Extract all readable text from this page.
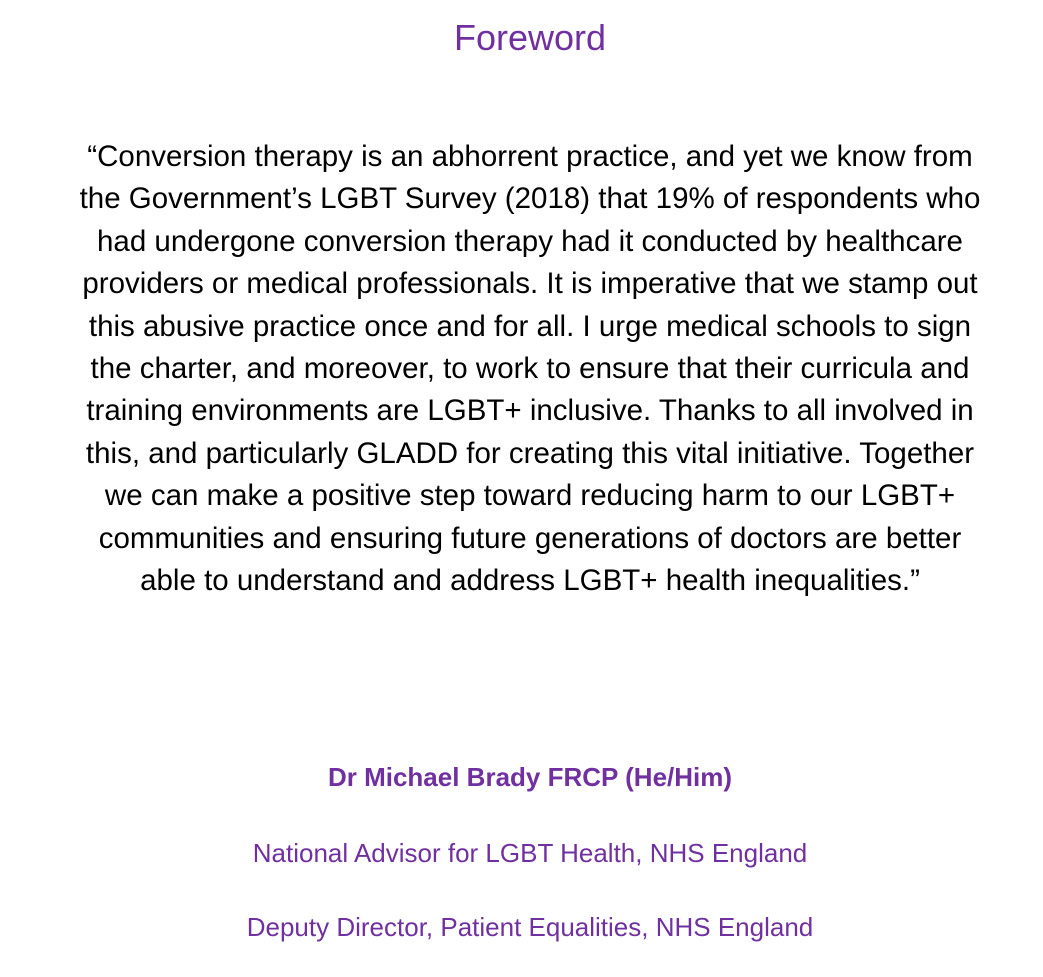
Foreword

“Conversion therapy is an abhorrent practice, and yet we know from the Government’s LGBT Survey (2018) that 19% of respondents who had undergone conversion therapy had it conducted by healthcare providers or medical professionals. It is imperative that we stamp out this abusive practice once and for all. I urge medical schools to sign the charter, and moreover, to work to ensure that their curricula and training environments are LGBT+ inclusive. Thanks to all involved in this, and particularly GLADD for creating this vital initiative. Together we can make a positive step toward reducing harm to our LGBT+ communities and ensuring future generations of doctors are better able to understand and address LGBT+ health inequalities.”

Dr Michael Brady FRCP (He/Him)

National Advisor for LGBT Health, NHS England

Deputy Director, Patient Equalities, NHS England
